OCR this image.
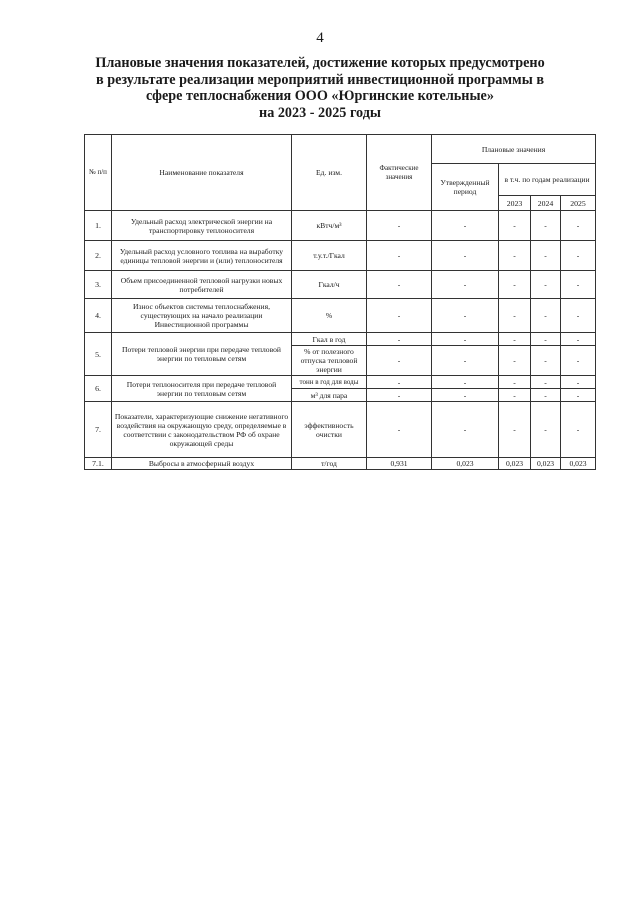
4
Плановые значения показателей, достижение которых предусмотрено
в результате реализации мероприятий инвестиционной программы в
сфере теплоснабжения ООО «Юргинские котельные»
на 2023 - 2025 годы
№ п/п	Наименование показателя	Ед. изм.	Фактические значения	Плановые значения			
				Утвержденный период	в т.ч. по годам реализации		
					2023	2024	2025
1.	Удельный расход электрической энергии на транспортировку теплоносителя	кВтч/м³	-	-	-	-	-
2.	Удельный расход условного топлива на выработку единицы тепловой энергии и (или) теплоносителя	т.у.т./Гкал	-	-	-	-	-
3.	Объем присоединенной тепловой нагрузки новых потребителей	Гкал/ч	-	-	-	-	-
4.	Износ объектов системы теплоснабжения, существующих на начало реализации Инвестиционной программы	%	-	-	-	-	-
5.	Потери тепловой энергии при передаче тепловой энергии по тепловым сетям	Гкал в год	-	-	-	-	-
		% от полезного отпуска тепловой энергии	-	-	-	-	-
6.	Потери теплоносителя при передаче тепловой энергии по тепловым сетям	тонн в год для воды	-	-	-	-	-
		м³ для пара	-	-	-	-	-
7.	Показатели, характеризующие снижение негативного воздействия на окружающую среду, определяемые в соответствии с законодательством РФ об охране окружающей среды	эффективность очистки	-	-	-	-	-
7.1.	Выбросы в атмосферный воздух	т/год	0,931	0,023	0,023	0,023	0,023
